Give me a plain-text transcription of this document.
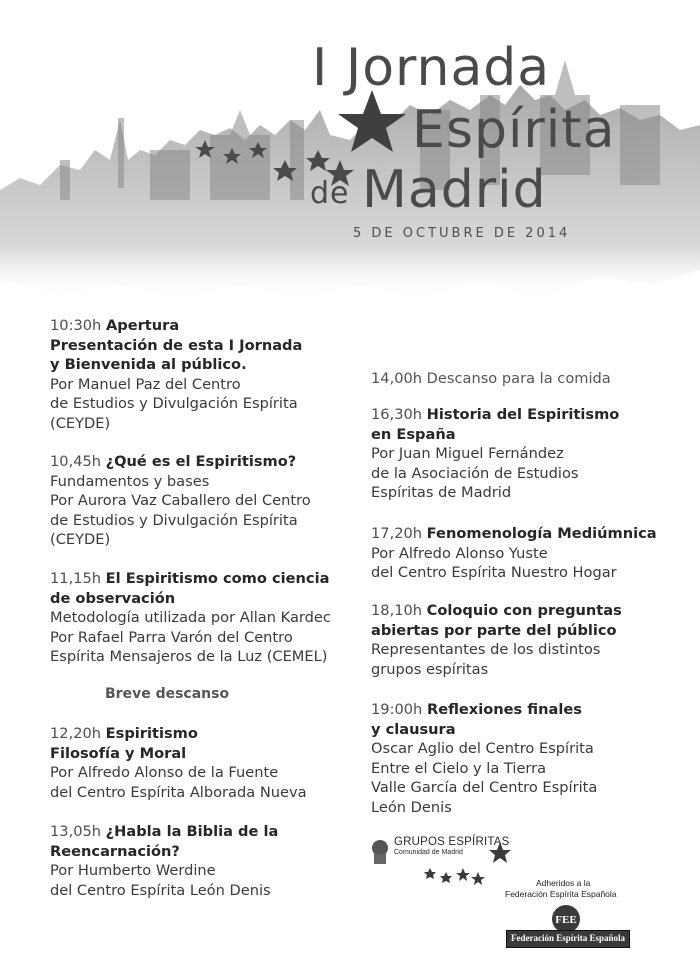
I Jornada
Espírita
de Madrid
5 DE OCTUBRE DE 2014
10:30h Apertura
Presentación de esta I Jornada
y Bienvenida al público.
Por Manuel Paz del Centro
de Estudios y Divulgación Espírita
(CEYDE)
10,45h ¿Qué es el Espiritismo?
Fundamentos y bases
Por Aurora Vaz Caballero del Centro
de Estudios y Divulgación Espírita
(CEYDE)
11,15h El Espiritismo como ciencia
de observación
Metodología utilizada por Allan Kardec
Por Rafael Parra Varón del Centro
Espírita Mensajeros de la Luz (CEMEL)
12,20h Espiritismo
Filosofía y Moral
Por Alfredo Alonso de la Fuente
del Centro Espírita Alborada Nueva
13,05h ¿Habla la Biblia de la
Reencarnación?
Por Humberto Werdine
del Centro Espírita León Denis
14,00h Descanso para la comida
16,30h Historia del Espiritismo
en España
Por Juan Miguel Fernández
de la Asociación de Estudios
Espíritas de Madrid
17,20h Fenomenología Mediúmnica
Por Alfredo Alonso Yuste
del Centro Espírita Nuestro Hogar
18,10h Coloquio con preguntas
abiertas por parte del público
Representantes de los distintos
grupos espíritas
19:00h Reflexiones finales
y clausura
Oscar Aglio del Centro Espírita
Entre el Cielo y la Tierra
Valle García del Centro Espírita
León Denis
Breve descanso
GRUPOS ESPÍRITAS
Comunidad de Madrid
Adheridos a la
Federación Espírita Española
FEE
Federación Espírita Española
